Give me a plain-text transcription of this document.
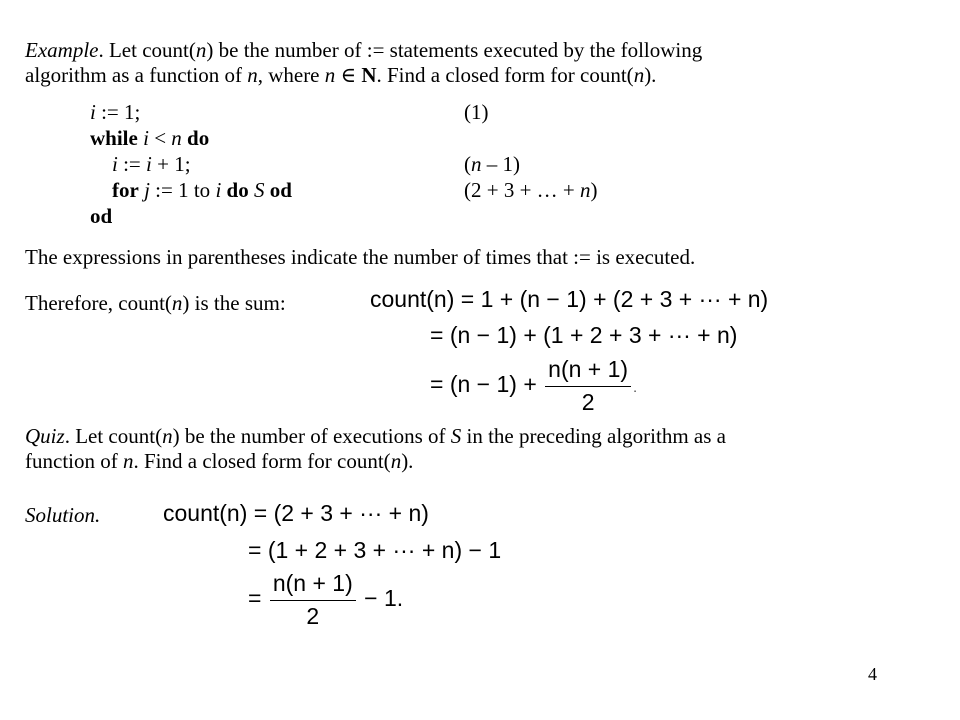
Example. Let count(n) be the number of := statements executed by the following
algorithm as a function of n, where n ∈ N. Find a closed form for count(n).
i := 1;
while i < n do
i := i + 1;
for j := 1 to i do S od
od
(1)
(n – 1)
(2 + 3 + … + n)
The expressions in parentheses indicate the number of times that := is executed.
Therefore, count(n) is the sum:	count(n) = 1 + (n − 1) + (2 + 3 + ··· + n)
= (n − 1) + (1 + 2 + 3 + ··· + n)
= $(n - 1) + \frac{n(n + 1)}{2}$ .
Quiz. Let count(n) be the number of executions of S in the preceding algorithm as a
function of n. Find a closed form for count(n).
Solution.	count(n) = (2 + 3 + ··· + n)
= (1 + 2 + 3 + ··· + n) − 1
= $\frac{n(n + 1)}{2} - 1$.
4
